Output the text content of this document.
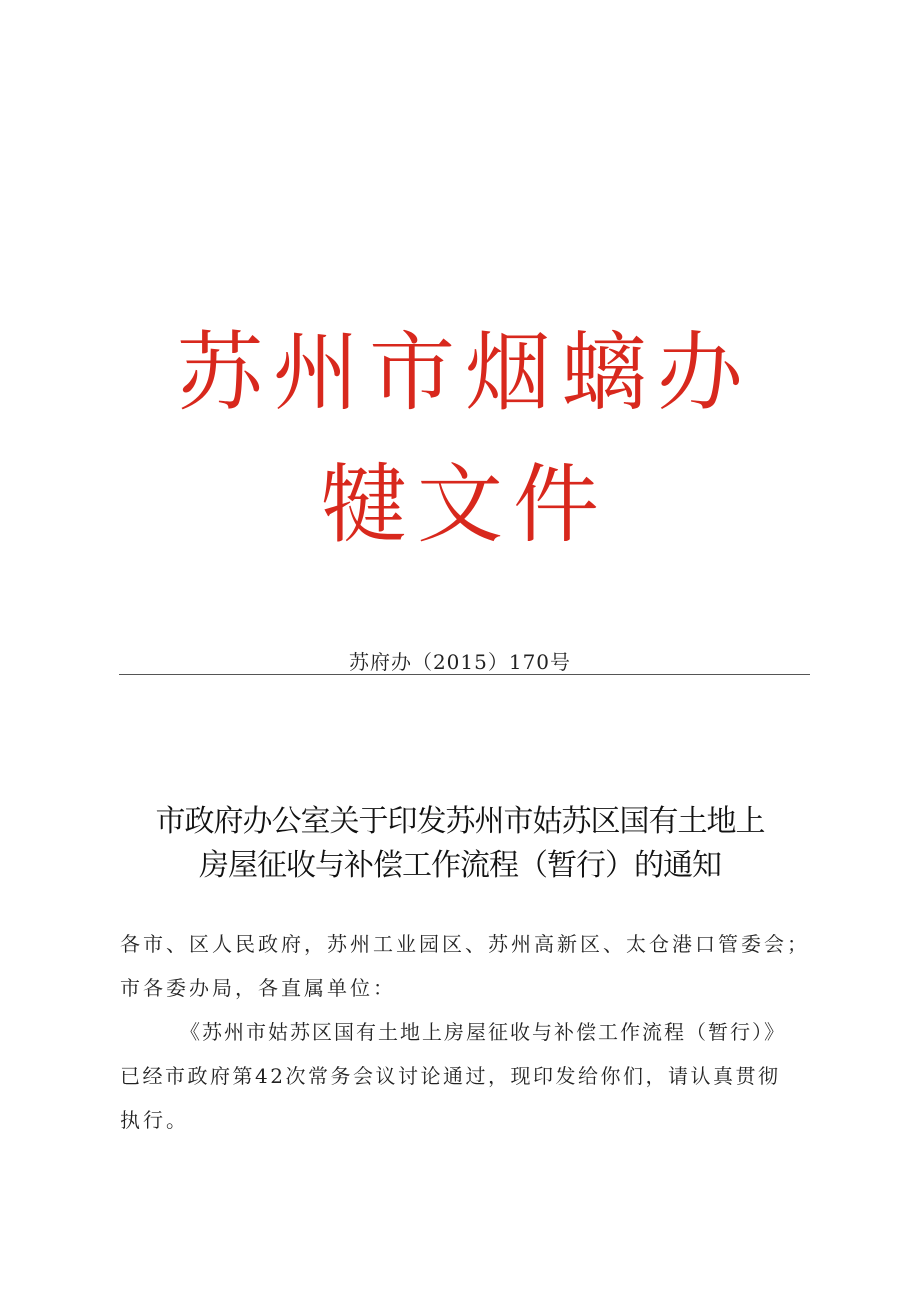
苏州市烟螭办
犍文件
苏府办（2015）170号
市政府办公室关于印发苏州市姑苏区国有土地上
房屋征收与补偿工作流程（暂行）的通知
各市、区人民政府，苏州工业园区、苏州高新区、太仓港口管委会；
市各委办局，各直属单位：
《苏州市姑苏区国有土地上房屋征收与补偿工作流程（暂行）》
已经市政府第42次常务会议讨论通过，现印发给你们，请认真贯彻
执行。
